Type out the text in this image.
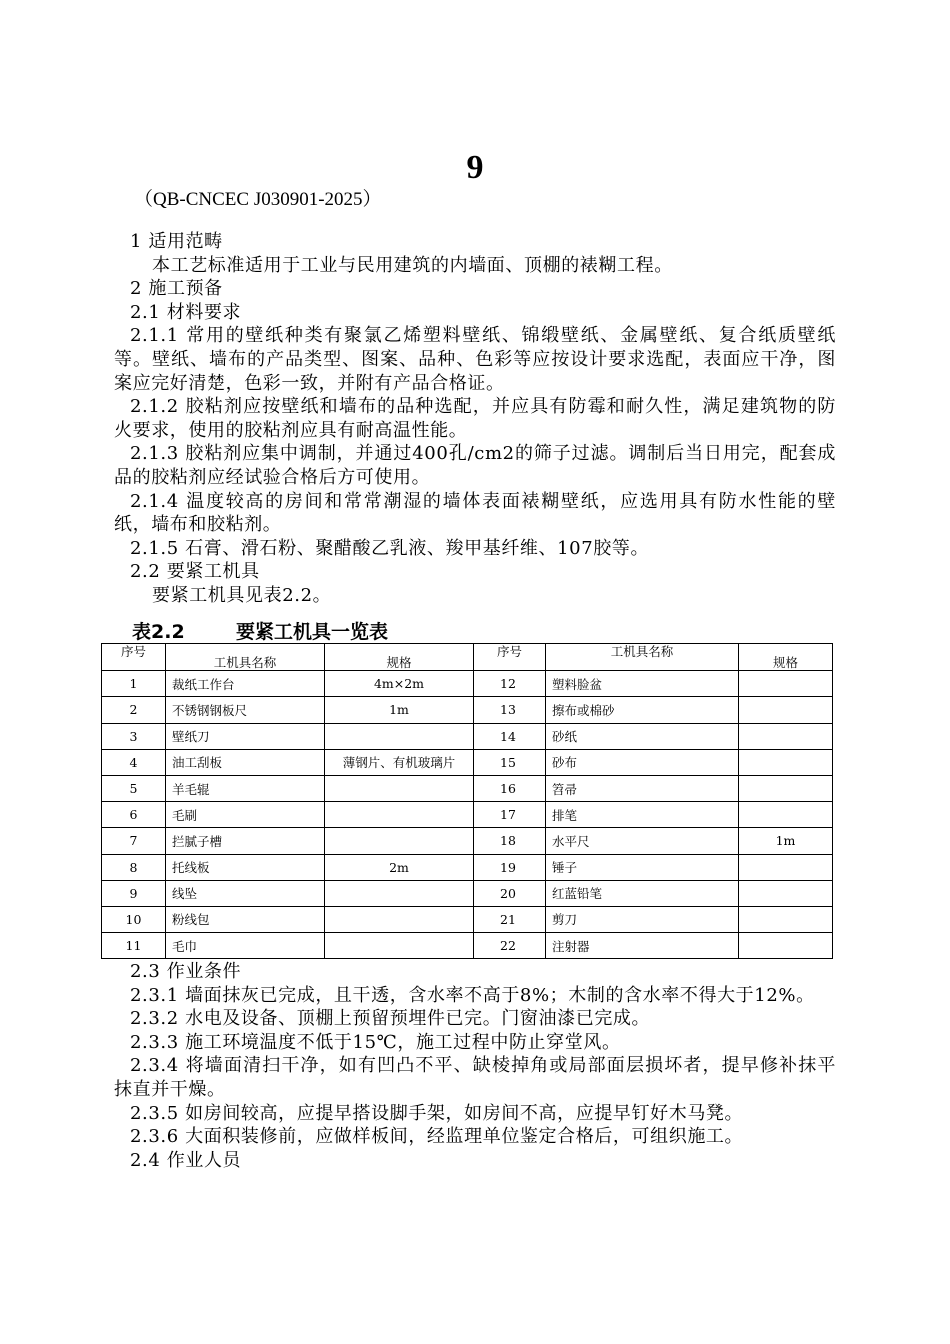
9
（QB-CNCEC J030901-2025）

1 适用范畴

本工艺标准适用于工业与民用建筑的内墙面、顶棚的裱糊工程。

2 施工预备

2.1 材料要求

2.1.1 常用的壁纸种类有聚氯乙烯塑料壁纸、锦缎壁纸、金属壁纸、复合纸质壁纸等。壁纸、墙布的产品类型、图案、品种、色彩等应按设计要求选配，表面应干净，图案应完好清楚，色彩一致，并附有产品合格证。

2.1.2 胶粘剂应按壁纸和墙布的品种选配，并应具有防霉和耐久性，满足建筑物的防火要求，使用的胶粘剂应具有耐高温性能。

2.1.3 胶粘剂应集中调制，并通过400孔/cm2的筛子过滤。调制后当日用完，配套成品的胶粘剂应经试验合格后方可使用。

2.1.4 温度较高的房间和常常潮湿的墙体表面裱糊壁纸，应选用具有防水性能的壁纸，墙布和胶粘剂。

2.1.5 石膏、滑石粉、聚醋酸乙乳液、羧甲基纤维、107胶等。

2.2 要紧工机具

要紧工机具见表2.2。

表2.2	要紧工机具一览表
序号	工机具名称	规格	序号	工机具名称	规格
1	裁纸工作台	4m×2m	12	塑料脸盆	
2	不锈钢钢板尺	1m	13	擦布或棉砂	
3	壁纸刀		14	砂纸	
4	油工刮板	薄钢片、有机玻璃片	15	砂布	
5	羊毛辊		16	笤帚	
6	毛刷		17	排笔	
7	拦腻子槽		18	水平尺	1m
8	托线板	2m	19	锤子	
9	线坠		20	红蓝铅笔	
10	粉线包		21	剪刀	
11	毛巾		22	注射器	

2.3 作业条件

2.3.1 墙面抹灰已完成，且干透，含水率不高于8%；木制的含水率不得大于12%。

2.3.2 水电及设备、顶棚上预留预埋件已完。门窗油漆已完成。

2.3.3 施工环境温度不低于15℃，施工过程中防止穿堂风。

2.3.4 将墙面清扫干净，如有凹凸不平、缺棱掉角或局部面层损坏者，提早修补抹平抹直并干燥。

2.3.5 如房间较高，应提早搭设脚手架，如房间不高，应提早钉好木马凳。

2.3.6 大面积装修前，应做样板间，经监理单位鉴定合格后，可组织施工。

2.4 作业人员
